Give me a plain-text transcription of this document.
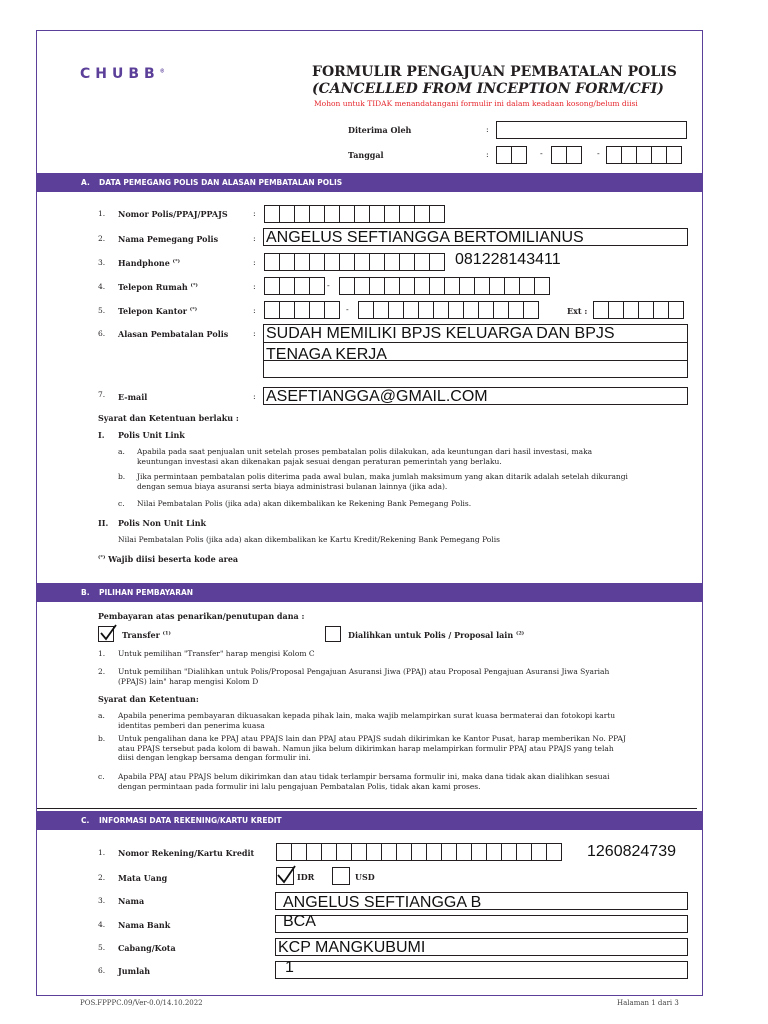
CHUBB®	FORMULIR PENGAJUAN PEMBATALAN POLIS
(CANCELLED FROM INCEPTION FORM/CFI)
Mohon untuk TIDAK menandatangani formulir ini dalam keadaan kosong/belum diisi
Diterima Oleh	:
Tanggal	:	-	-
A. DATA PEMEGANG POLIS DAN ALASAN PEMBATALAN POLIS
1. Nomor Polis/PPAJ/PPAJS	:
2. Nama Pemegang Polis	: ANGELUS SEFTIANGGA BERTOMILIANUS
3. Handphone (*)	:	081228143411
4. Telepon Rumah (*)	:	-
5. Telepon Kantor (*)	:	-	Ext :
6. Alasan Pembatalan Polis	: SUDAH MEMILIKI BPJS KELUARGA DAN BPJS
TENAGA KERJA
7. E-mail	: ASEFTIANGGA@GMAIL.COM
Syarat dan Ketentuan berlaku :
I. Polis Unit Link
a. Apabila pada saat penjualan unit setelah proses pembatalan polis dilakukan, ada keuntungan dari hasil investasi, maka
keuntungan investasi akan dikenakan pajak sesuai dengan peraturan pemerintah yang berlaku.
b. Jika permintaan pembatalan polis diterima pada awal bulan, maka jumlah maksimum yang akan ditarik adalah setelah dikurangi
dengan semua biaya asuransi serta biaya administrasi bulanan lainnya (jika ada).
c. Nilai Pembatalan Polis (jika ada) akan dikembalikan ke Rekening Bank Pemegang Polis.
II. Polis Non Unit Link
Nilai Pembatalan Polis (jika ada) akan dikembalikan ke Kartu Kredit/Rekening Bank Pemegang Polis
(*) Wajib diisi beserta kode area
B. PILIHAN PEMBAYARAN
Pembayaran atas penarikan/penutupan dana :
Transfer $^{(1)}$	Dialihkan untuk Polis / Proposal lain $^{(2)}$
1. Untuk pemilihan "Transfer" harap mengisi Kolom C
2. Untuk pemilihan "Dialihkan untuk Polis/Proposal Pengajuan Asuransi Jiwa (PPAJ) atau Proposal Pengajuan Asuransi Jiwa Syariah
(PPAJS) lain" harap mengisi Kolom D
Syarat dan Ketentuan:
a. Apabila penerima pembayaran dikuasakan kepada pihak lain, maka wajib melampirkan surat kuasa bermaterai dan fotokopi kartu
identitas pemberi dan penerima kuasa
b. Untuk pengalihan dana ke PPAJ atau PPAJS lain dan PPAJ atau PPAJS sudah dikirimkan ke Kantor Pusat, harap memberikan No. PPAJ
atau PPAJS tersebut pada kolom di bawah. Namun jika belum dikirimkan harap melampirkan formulir PPAJ atau PPAJS yang telah
diisi dengan lengkap bersama dengan formulir ini.
c. Apabila PPAJ atau PPAJS belum dikirimkan dan atau tidak terlampir bersama formulir ini, maka dana tidak akan dialihkan sesuai
dengan permintaan pada formulir ini lalu pengajuan Pembatalan Polis, tidak akan kami proses.
C. INFORMASI DATA REKENING/KARTU KREDIT
1. Nomor Rekening/Kartu Kredit	1260824739
2. Mata Uang	IDR	USD
3. Nama	ANGELUS SEFTIANGGA B
4. Nama Bank	BCA
5. Cabang/Kota	KCP MANGKUBUMI
6. Jumlah	1
POS.FPPPC.09/Ver-0.0/14.10.2022	Halaman 1 dari 3
